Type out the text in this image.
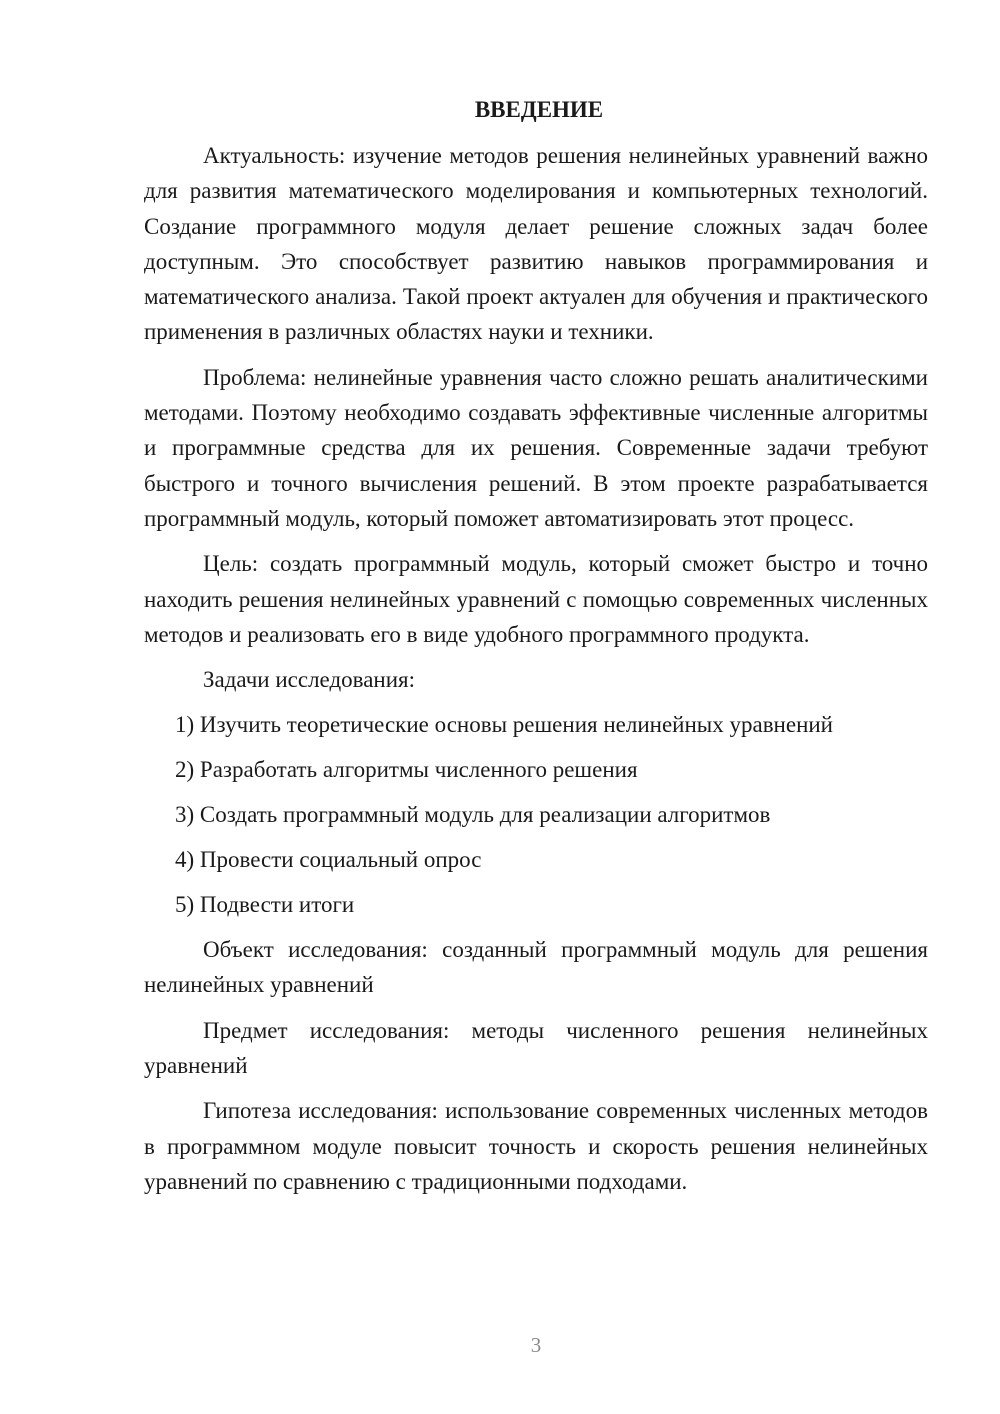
ВВЕДЕНИЕ

Актуальность: изучение методов решения нелинейных уравнений важно для развития математического моделирования и компьютерных технологий. Создание программного модуля делает решение сложных задач более доступным. Это способствует развитию навыков программирования и математического анализа. Такой проект актуален для обучения и практического применения в различных областях науки и техники.

Проблема: нелинейные уравнения часто сложно решать аналитическими методами. Поэтому необходимо создавать эффективные численные алгоритмы и программные средства для их решения. Современные задачи требуют быстрого и точного вычисления решений. В этом проекте разрабатывается программный модуль, который поможет автоматизировать этот процесс.

Цель: создать программный модуль, который сможет быстро и точно находить решения нелинейных уравнений с помощью современных численных методов и реализовать его в виде удобного программного продукта.

Задачи исследования:

1) Изучить теоретические основы решения нелинейных уравнений
2) Разработать алгоритмы численного решения
3) Создать программный модуль для реализации алгоритмов
4) Провести социальный опрос
5) Подвести итоги

Объект исследования: созданный программный модуль для решения нелинейных уравнений

Предмет исследования: методы численного решения нелинейных уравнений

Гипотеза исследования: использование современных численных методов в программном модуле повысит точность и скорость решения нелинейных уравнений по сравнению с традиционными подходами.

3
